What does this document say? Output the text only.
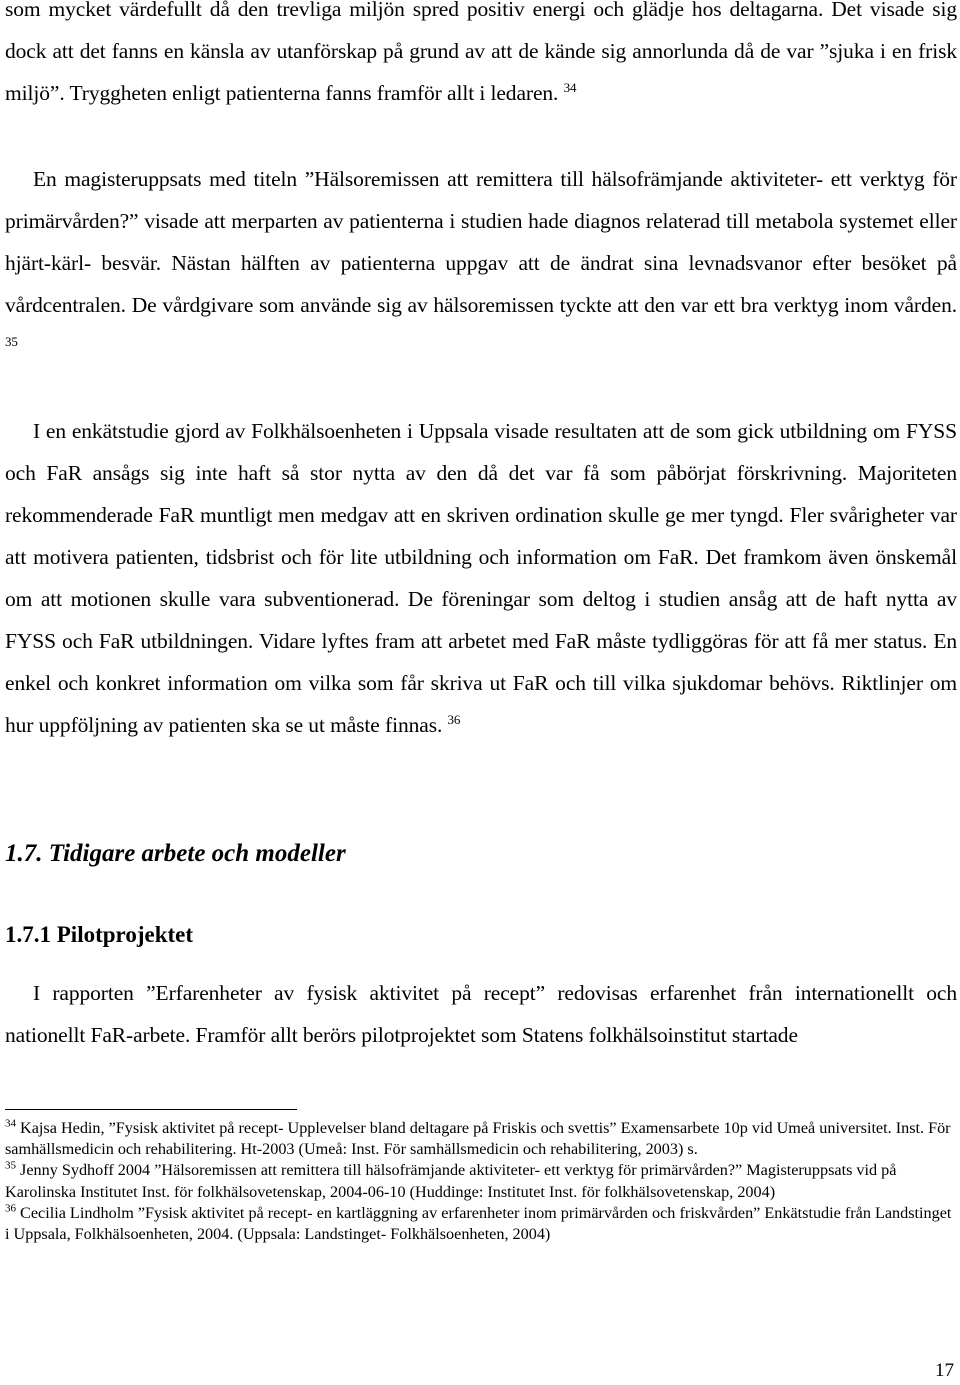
som mycket värdefullt då den trevliga miljön spred positiv energi och glädje hos deltagarna. Det visade sig dock att det fanns en känsla av utanförskap på grund av att de kände sig annorlunda då de var ”sjuka i en frisk miljö”. Tryggheten enligt patienterna fanns framför allt i ledaren. $^{34}$

En magisteruppsats med titeln ”Hälsoremissen att remittera till hälsofrämjande aktiviteter- ett verktyg för primärvården?” visade att merparten av patienterna i studien hade diagnos relaterad till metabola systemet eller hjärt-kärl- besvär. Nästan hälften av patienterna uppgav att de ändrat sina levnadsvanor efter besöket på vårdcentralen. De vårdgivare som använde sig av hälsoremissen tyckte att den var ett bra verktyg inom vården. $^{35}$

I en enkätstudie gjord av Folkhälsoenheten i Uppsala visade resultaten att de som gick utbildning om FYSS och FaR ansågs sig inte haft så stor nytta av den då det var få som påbörjat förskrivning. Majoriteten rekommenderade FaR muntligt men medgav att en skriven ordination skulle ge mer tyngd. Fler svårigheter var att motivera patienten, tidsbrist och för lite utbildning och information om FaR. Det framkom även önskemål om att motionen skulle vara subventionerad. De föreningar som deltog i studien ansåg att de haft nytta av FYSS och FaR utbildningen. Vidare lyftes fram att arbetet med FaR måste tydliggöras för att få mer status. En enkel och konkret information om vilka som får skriva ut FaR och till vilka sjukdomar behövs. Riktlinjer om hur uppföljning av patienten ska se ut måste finnas. $^{36}$

1.7. Tidigare arbete och modeller
1.7.1 Pilotprojektet

I rapporten ”Erfarenheter av fysisk aktivitet på recept” redovisas erfarenhet från internationellt och nationellt FaR-arbete. Framför allt berörs pilotprojektet som Statens folkhälsoinstitut startade

$^{34}$ Kajsa Hedin, ”Fysisk aktivitet på recept- Upplevelser bland deltagare på Friskis och svettis” Examensarbete 10p vid Umeå universitet. Inst. För samhällsmedicin och rehabilitering. Ht-2003 (Umeå: Inst. För samhällsmedicin och rehabilitering, 2003) s.

$^{35}$ Jenny Sydhoff 2004 ”Hälsoremissen att remittera till hälsofrämjande aktiviteter- ett verktyg för primärvården?” Magisteruppsats vid på Karolinska Institutet Inst. för folkhälsovetenskap, 2004-06-10 (Huddinge: Institutet Inst. för folkhälsovetenskap, 2004)

$^{36}$ Cecilia Lindholm ”Fysisk aktivitet på recept- en kartläggning av erfarenheter inom primärvården och friskvården” Enkätstudie från Landstinget i Uppsala, Folkhälsoenheten, 2004. (Uppsala: Landstinget- Folkhälsoenheten, 2004)

17
